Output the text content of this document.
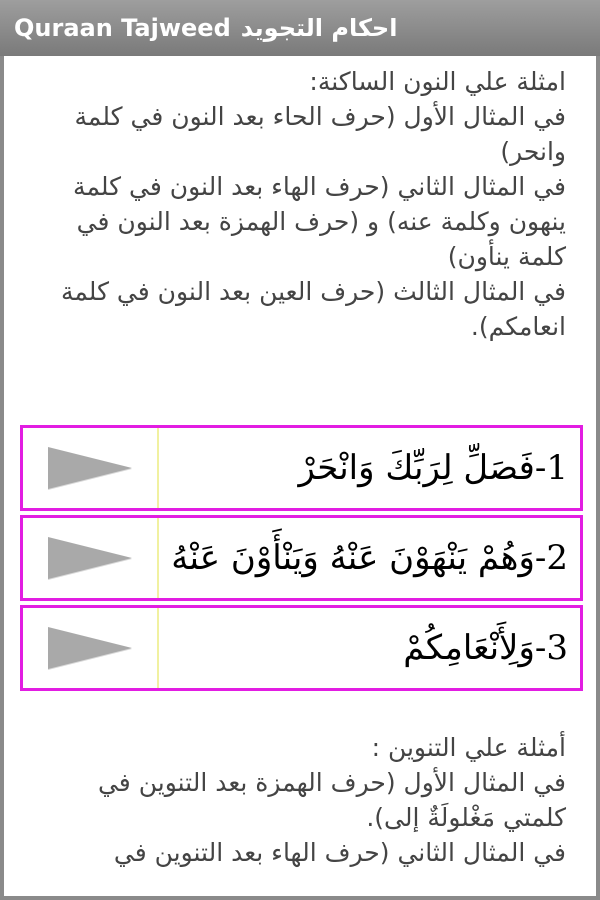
Quraan Tajweed احكام التجويد
امثلة علي النون الساكنة:
في المثال الأول (حرف الحاء بعد النون في كلمة وانحر)
في المثال الثاني (حرف الهاء بعد النون في كلمة ينهون وكلمة عنه) و (حرف الهمزة بعد النون في كلمة ينأون)
في المثال الثالث (حرف العين بعد النون في كلمة انعامكم).
1-فَصَلِّ لِرَبِّكَ وَانْحَرْ
2-وَهُمْ يَنْهَوْنَ عَنْهُ وَيَنْأَوْنَ عَنْهُ
3-وَلِأَنْعَامِكُمْ
أمثلة علي التنوين :
في المثال الأول (حرف الهمزة بعد التنوين في كلمتي مَغْلولَةٌ إلى).
في المثال الثاني (حرف الهاء بعد التنوين في
